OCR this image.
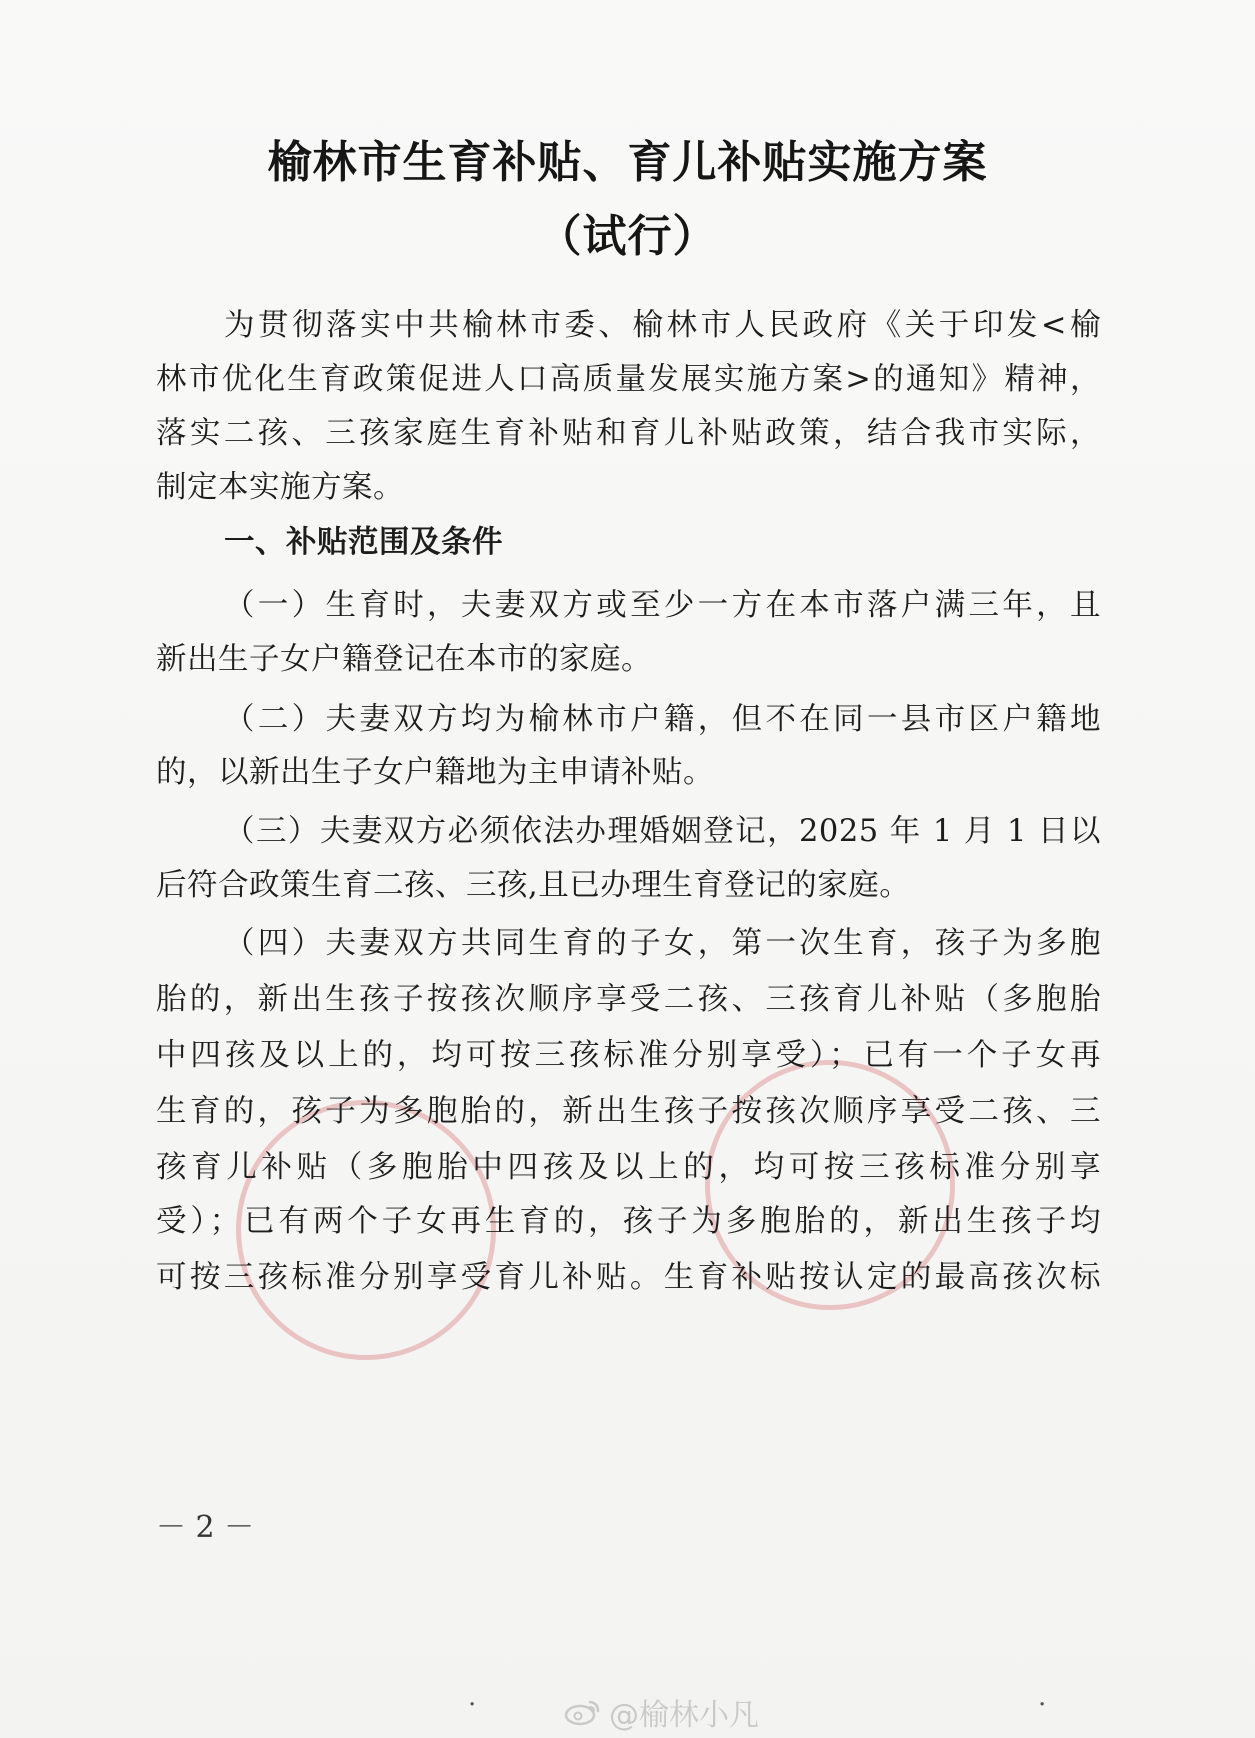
榆林市生育补贴、育儿补贴实施方案
（试行）
为贯彻落实中共榆林市委、榆林市人民政府《关于印发<榆
林市优化生育政策促进人口高质量发展实施方案>的通知》精神，
落实二孩、三孩家庭生育补贴和育儿补贴政策，结合我市实际，
制定本实施方案。
一、补贴范围及条件
（一）生育时，夫妻双方或至少一方在本市落户满三年，且
新出生子女户籍登记在本市的家庭。
（二）夫妻双方均为榆林市户籍，但不在同一县市区户籍地
的，以新出生子女户籍地为主申请补贴。
（三）夫妻双方必须依法办理婚姻登记，2025 年 1 月 1 日以
后符合政策生育二孩、三孩,且已办理生育登记的家庭。
（四）夫妻双方共同生育的子女，第一次生育，孩子为多胞
胎的，新出生孩子按孩次顺序享受二孩、三孩育儿补贴（多胞胎
中四孩及以上的，均可按三孩标准分别享受）；已有一个子女再
生育的，孩子为多胞胎的，新出生孩子按孩次顺序享受二孩、三
孩育儿补贴（多胞胎中四孩及以上的，均可按三孩标准分别享
受）；已有两个子女再生育的，孩子为多胞胎的，新出生孩子均
可按三孩标准分别享受育儿补贴。生育补贴按认定的最高孩次标
－ 2 －
·	·
@榆林小凡
